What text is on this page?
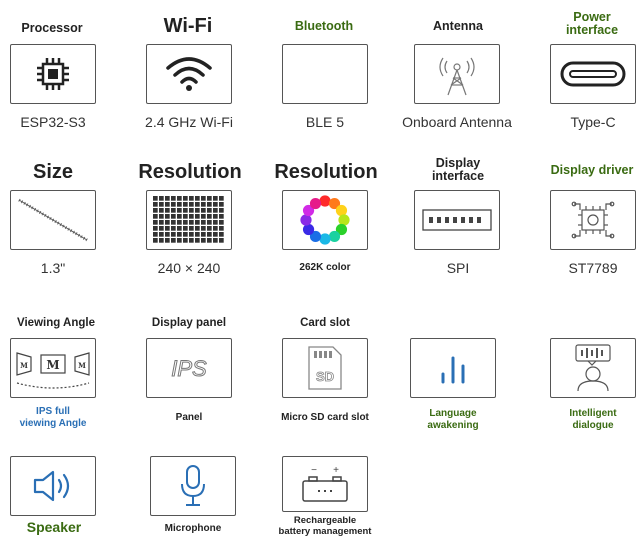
Processor
ESP32-S3
Wi-Fi
2.4 GHz Wi-Fi
Bluetooth
BLE 5
Antenna
Onboard Antenna
Power
interface
Type-C
Size
1.3"
Resolution
240 × 240
Resolution
262K color
Display
interface
SPI
Display driver
ST7789
Viewing Angle
M
M	M
IPS full
viewing Angle
Display panel
IPS
Panel
Card slot
SD
Micro SD card slot	Language
awakening
Intelligent
dialogue
Speaker	Microphone
− +
Rechargeable
battery management
